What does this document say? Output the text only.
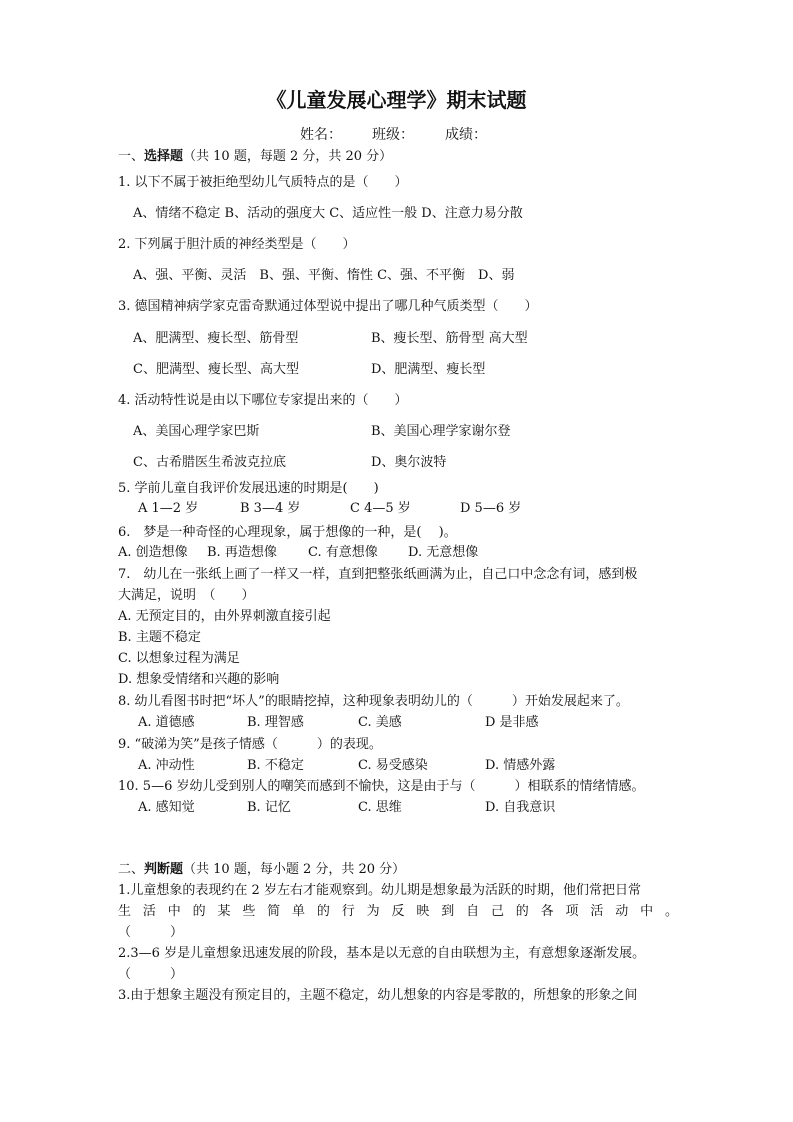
《儿童发展心理学》期末试题
姓名： 班级： 成绩：
一、选择题（共 10 题，每题 2 分，共 20 分）
1. 以下不属于被拒绝型幼儿气质特点的是（　　）
A、情绪不稳定 B、活动的强度大 C、适应性一般 D、注意力易分散
2. 下列属于胆汁质的神经类型是（　　）
A、强、平衡、灵活　B、强、平衡、惰性 C、强、不平衡　D、弱
3. 德国精神病学家克雷奇默通过体型说中提出了哪几种气质类型（　　）
A、肥满型、瘦长型、筋骨型	B、瘦长型、筋骨型 高大型
C、肥满型、瘦长型、高大型	D、肥满型、瘦长型
4. 活动特性说是由以下哪位专家提出来的（　　）
A、美国心理学家巴斯	B、美国心理学家谢尔登
C、古希腊医生希波克拉底	D、奥尔波特
5. 学前儿童自我评价发展迅速的时期是(　　)
A 1—2 岁	B 3—4 岁	C 4—5 岁	D 5—6 岁
6.　梦是一种奇怪的心理现象，属于想像的一种，是(　 )。
A. 创造想像 B. 再造想像 C. 有意想像 D. 无意想像
7.　幼儿在一张纸上画了一样又一样，直到把整张纸画满为止，自己口中念念有词，感到极
大满足，说明　（　　）
A. 无预定目的，由外界刺激直接引起
B. 主题不稳定
C. 以想象过程为满足
D. 想象受情绪和兴趣的影响
8. 幼儿看图书时把“坏人”的眼睛挖掉，这种现象表明幼儿的（　　　）开始发展起来了。
A. 道德感	B. 理智感	C. 美感	D 是非感
9. “破涕为笑”是孩子情感（　　　）的表现。
A. 冲动性	B. 不稳定	C. 易受感染	D. 情感外露
10. 5—6 岁幼儿受到别人的嘲笑而感到不愉快，这是由于与（　　　）相联系的情绪情感。
A. 感知觉	B. 记忆	C. 思维	D. 自我意识
二、判断题（共 10 题，每小题 2 分，共 20 分）
1.儿童想象的表现约在 2 岁左右才能观察到。幼儿期是想象最为活跃的时期，他们常把日常
生 活 中 的 某 些 简 单 的 行 为 反 映 到 自 己 的 各 项 活 动 中 。
（　　　）
2.3—6 岁是儿童想象迅速发展的阶段，基本是以无意的自由联想为主，有意想象逐渐发展。
（　　　）
3.由于想象主题没有预定目的，主题不稳定，幼儿想象的内容是零散的，所想象的形象之间
